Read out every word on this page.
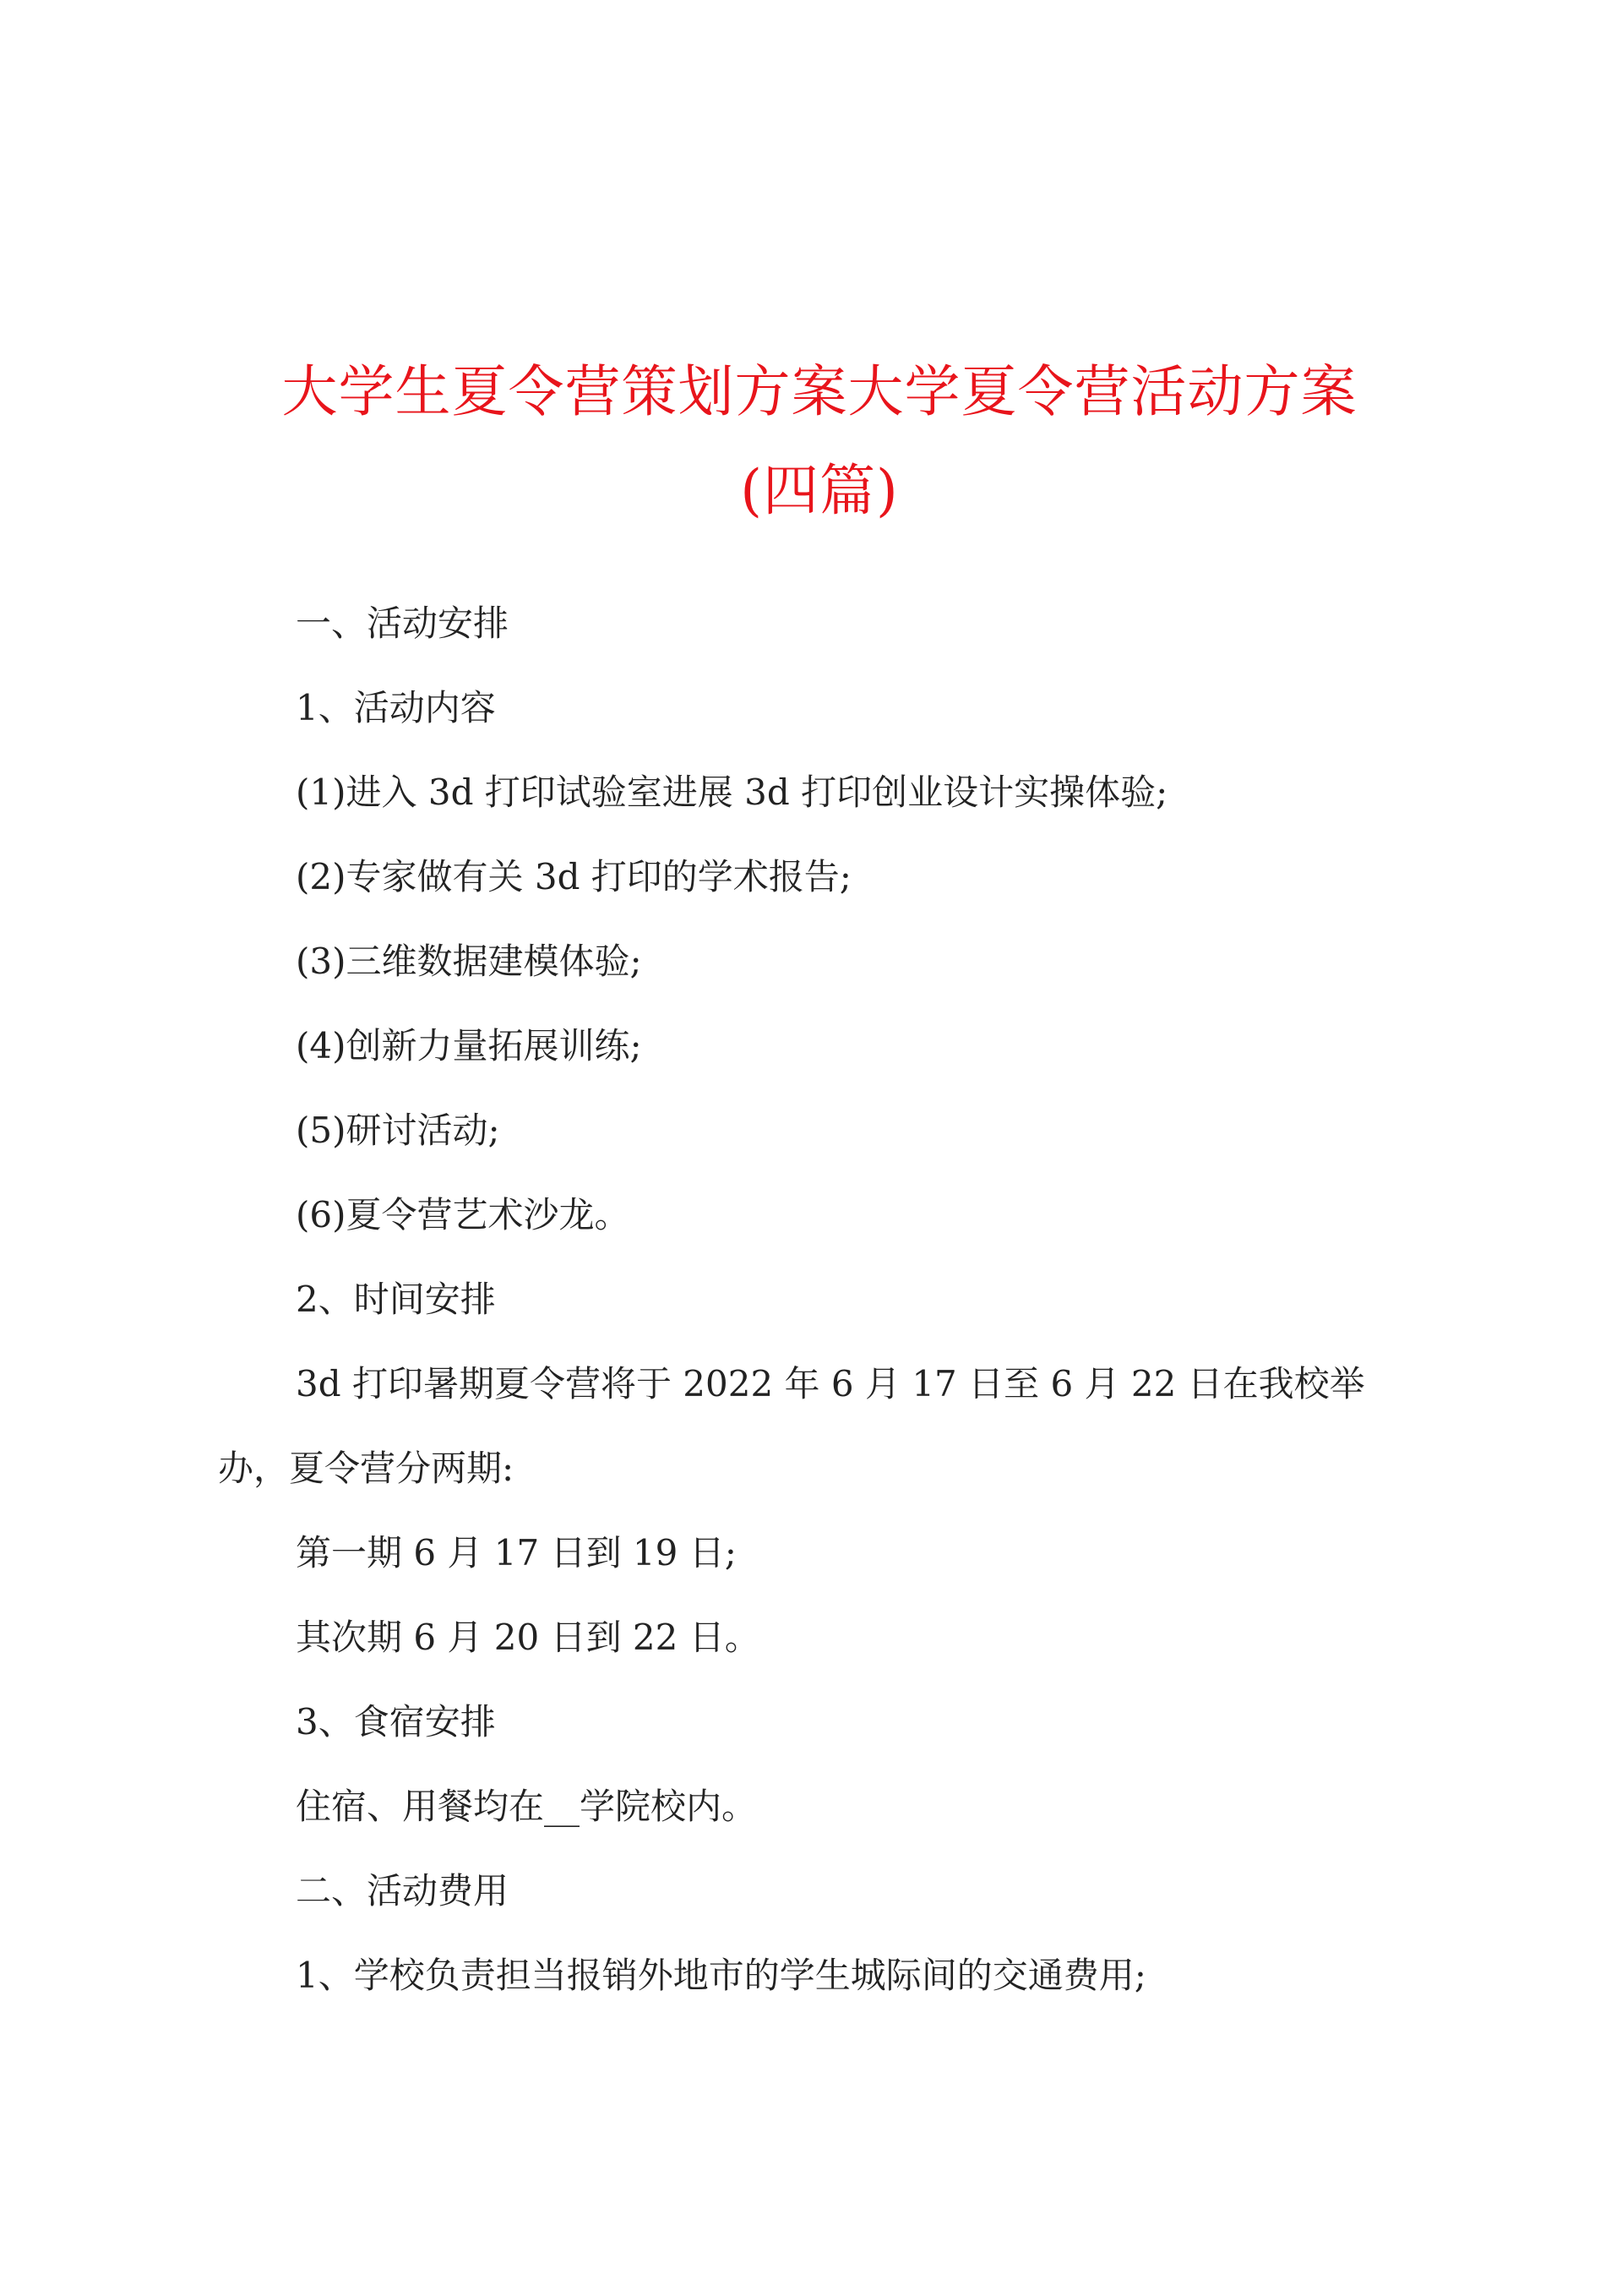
大学生夏令营策划方案大学夏令营活动方案
(四篇)

一、活动安排

1、活动内容

(1)进入 3d 打印试验室进展 3d 打印创业设计实操体验;

(2)专家做有关 3d 打印的学术报告;

(3)三维数据建模体验;

(4)创新力量拓展训练;

(5)研讨活动;

(6)夏令营艺术沙龙。

2、时间安排

3d 打印暑期夏令营将于 2022 年 6 月 17 日至 6 月 22 日在我校举办，夏令营分两期:

第一期 6 月 17 日到 19 日;

其次期 6 月 20 日到 22 日。

3、食宿安排

住宿、用餐均在__学院校内。

二、活动费用

1、学校负责担当报销外地市的学生城际间的交通费用;
